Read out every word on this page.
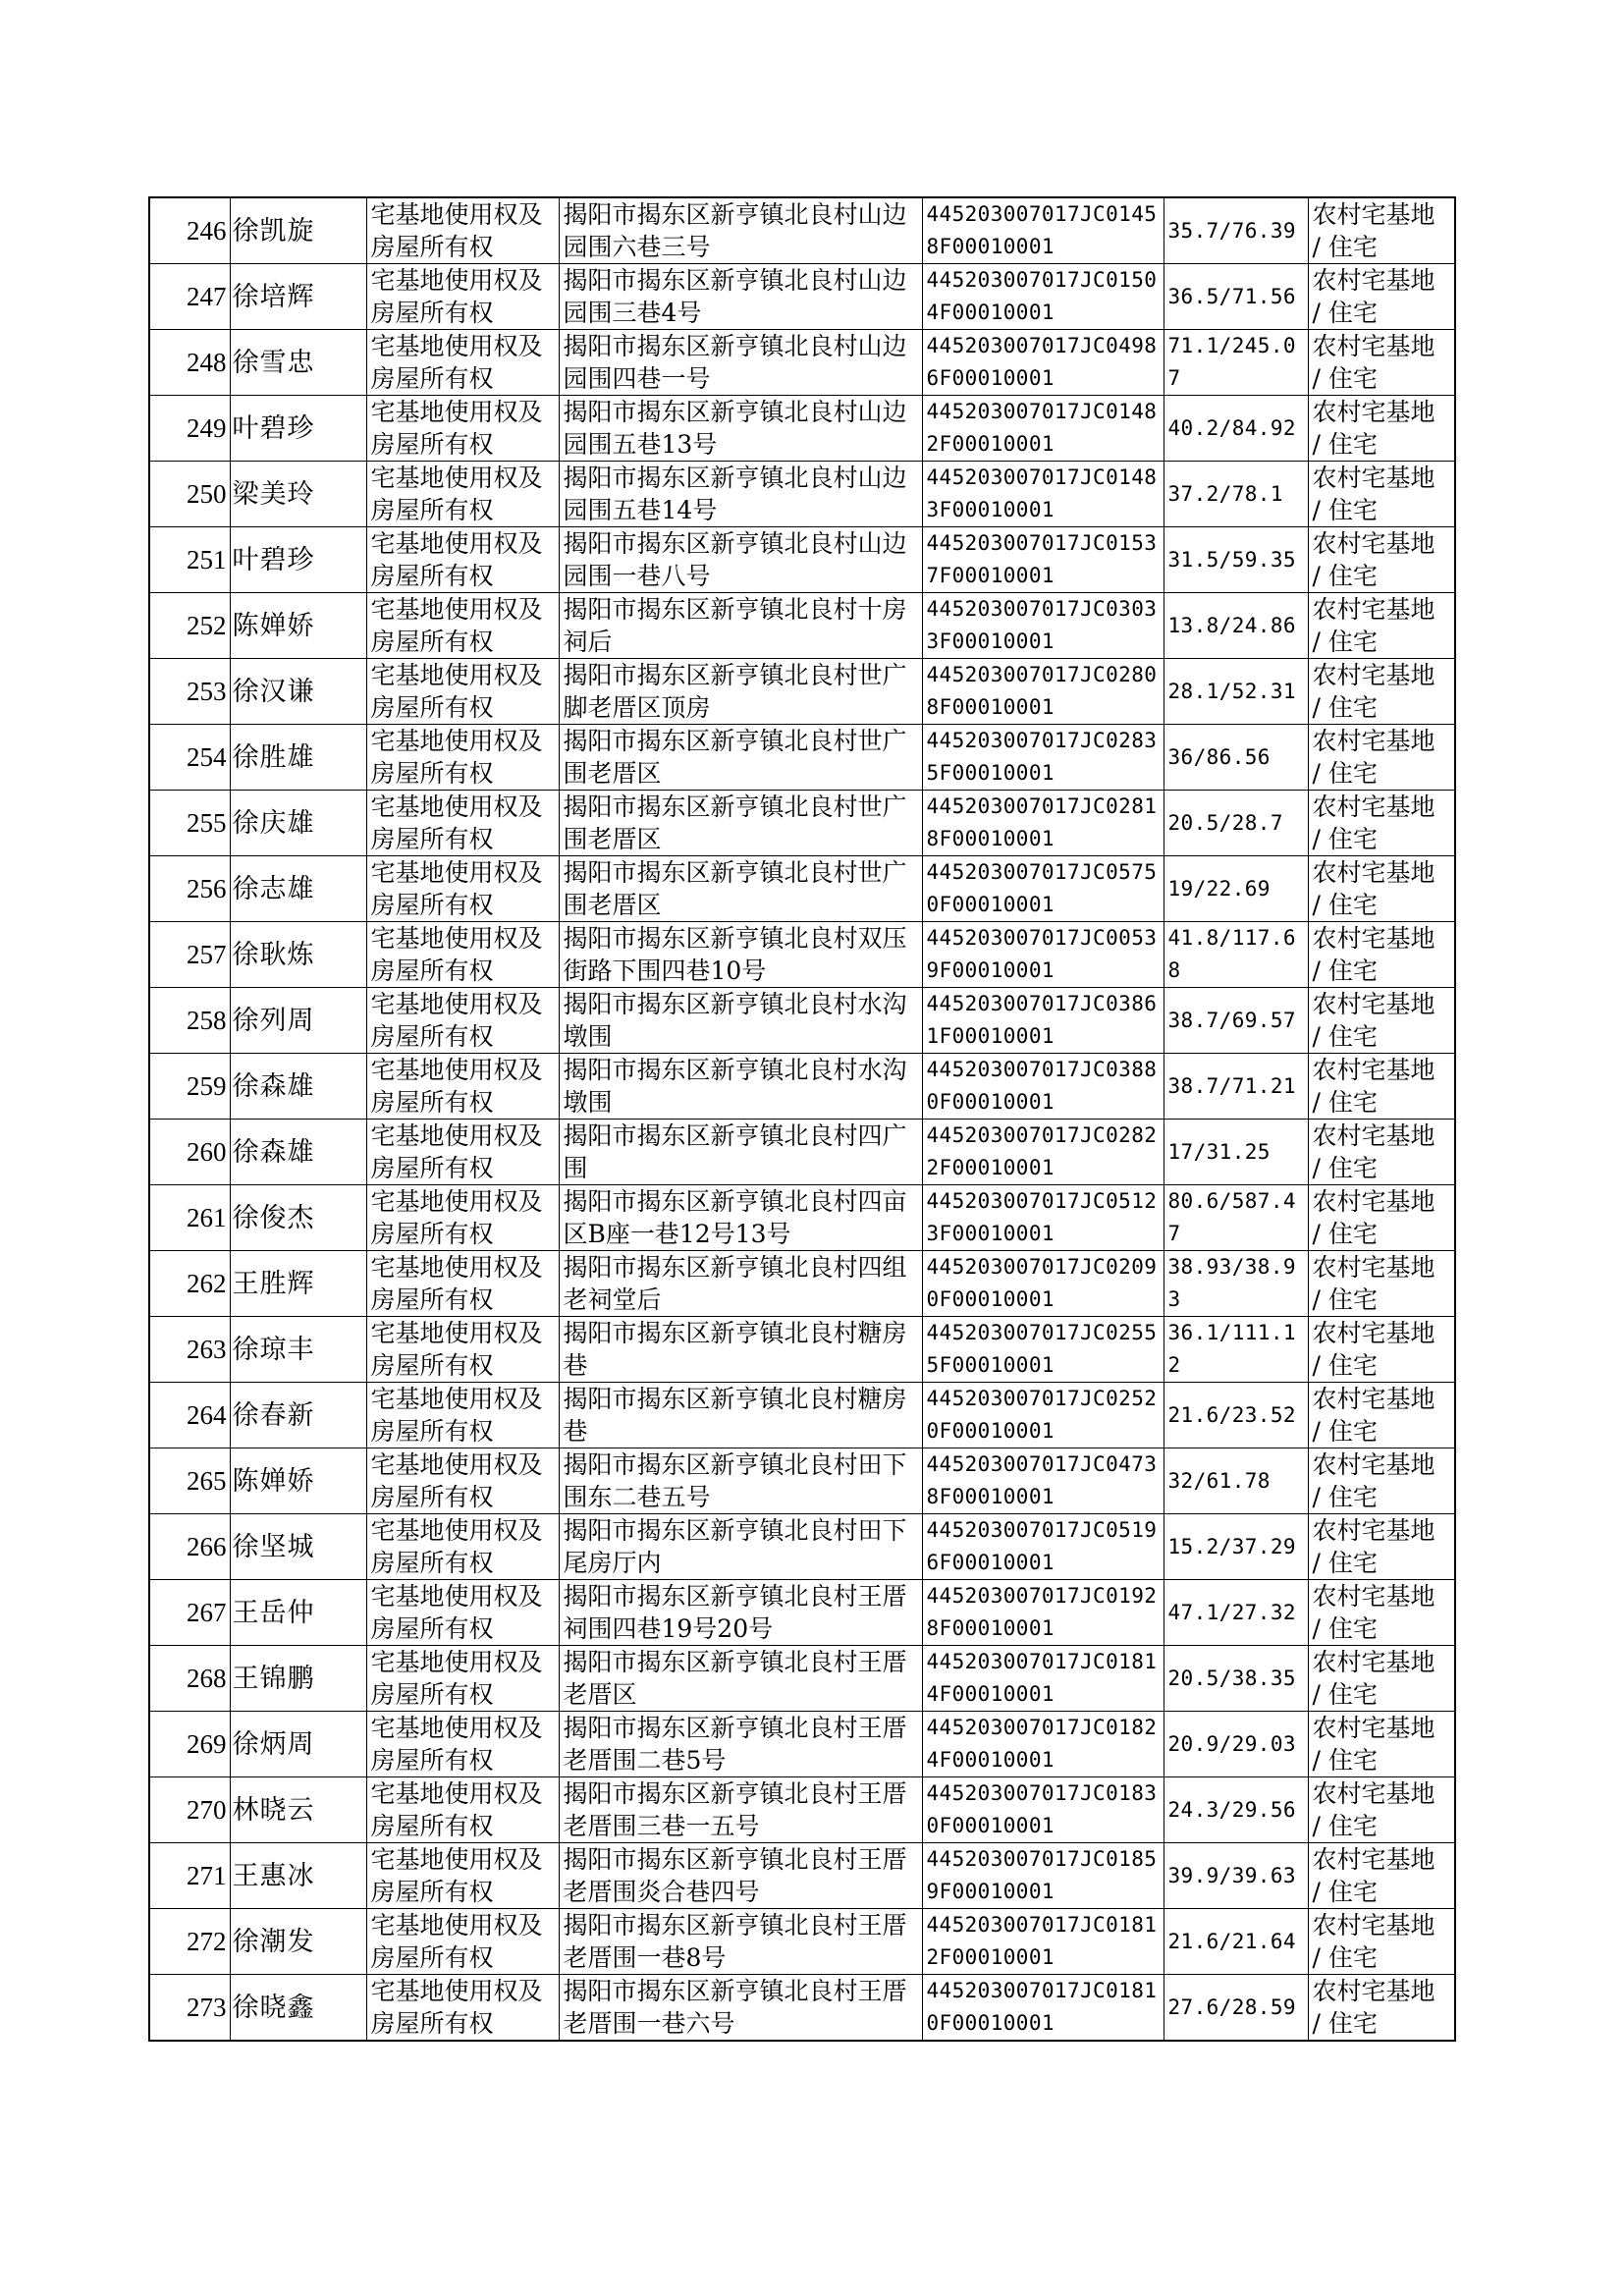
246	徐凯旋	宅基地使用权及房屋所有权	揭阳市揭东区新亨镇北良村山边园围六巷三号	445203007017JC01458F00010001	35.7/76.39	农村宅基地 / 住宅
247	徐培辉	宅基地使用权及房屋所有权	揭阳市揭东区新亨镇北良村山边园围三巷4号	445203007017JC01504F00010001	36.5/71.56	农村宅基地 / 住宅
248	徐雪忠	宅基地使用权及房屋所有权	揭阳市揭东区新亨镇北良村山边园围四巷一号	445203007017JC04986F00010001	71.1/245.07	农村宅基地 / 住宅
249	叶碧珍	宅基地使用权及房屋所有权	揭阳市揭东区新亨镇北良村山边园围五巷13号	445203007017JC01482F00010001	40.2/84.92	农村宅基地 / 住宅
250	梁美玲	宅基地使用权及房屋所有权	揭阳市揭东区新亨镇北良村山边园围五巷14号	445203007017JC01483F00010001	37.2/78.1	农村宅基地 / 住宅
251	叶碧珍	宅基地使用权及房屋所有权	揭阳市揭东区新亨镇北良村山边园围一巷八号	445203007017JC01537F00010001	31.5/59.35	农村宅基地 / 住宅
252	陈婵娇	宅基地使用权及房屋所有权	揭阳市揭东区新亨镇北良村十房祠后	445203007017JC03033F00010001	13.8/24.86	农村宅基地 / 住宅
253	徐汉谦	宅基地使用权及房屋所有权	揭阳市揭东区新亨镇北良村世广脚老厝区顶房	445203007017JC02808F00010001	28.1/52.31	农村宅基地 / 住宅
254	徐胜雄	宅基地使用权及房屋所有权	揭阳市揭东区新亨镇北良村世广围老厝区	445203007017JC02835F00010001	36/86.56	农村宅基地 / 住宅
255	徐庆雄	宅基地使用权及房屋所有权	揭阳市揭东区新亨镇北良村世广围老厝区	445203007017JC02818F00010001	20.5/28.7	农村宅基地 / 住宅
256	徐志雄	宅基地使用权及房屋所有权	揭阳市揭东区新亨镇北良村世广围老厝区	445203007017JC05750F00010001	19/22.69	农村宅基地 / 住宅
257	徐耿炼	宅基地使用权及房屋所有权	揭阳市揭东区新亨镇北良村双压街路下围四巷10号	445203007017JC00539F00010001	41.8/117.68	农村宅基地 / 住宅
258	徐列周	宅基地使用权及房屋所有权	揭阳市揭东区新亨镇北良村水沟墩围	445203007017JC03861F00010001	38.7/69.57	农村宅基地 / 住宅
259	徐森雄	宅基地使用权及房屋所有权	揭阳市揭东区新亨镇北良村水沟墩围	445203007017JC03880F00010001	38.7/71.21	农村宅基地 / 住宅
260	徐森雄	宅基地使用权及房屋所有权	揭阳市揭东区新亨镇北良村四广围	445203007017JC02822F00010001	17/31.25	农村宅基地 / 住宅
261	徐俊杰	宅基地使用权及房屋所有权	揭阳市揭东区新亨镇北良村四亩区B座一巷12号13号	445203007017JC05123F00010001	80.6/587.47	农村宅基地 / 住宅
262	王胜辉	宅基地使用权及房屋所有权	揭阳市揭东区新亨镇北良村四组老祠堂后	445203007017JC02090F00010001	38.93/38.93	农村宅基地 / 住宅
263	徐琼丰	宅基地使用权及房屋所有权	揭阳市揭东区新亨镇北良村糖房巷	445203007017JC02555F00010001	36.1/111.12	农村宅基地 / 住宅
264	徐春新	宅基地使用权及房屋所有权	揭阳市揭东区新亨镇北良村糖房巷	445203007017JC02520F00010001	21.6/23.52	农村宅基地 / 住宅
265	陈婵娇	宅基地使用权及房屋所有权	揭阳市揭东区新亨镇北良村田下围东二巷五号	445203007017JC04738F00010001	32/61.78	农村宅基地 / 住宅
266	徐坚城	宅基地使用权及房屋所有权	揭阳市揭东区新亨镇北良村田下尾房厅内	445203007017JC05196F00010001	15.2/37.29	农村宅基地 / 住宅
267	王岳仲	宅基地使用权及房屋所有权	揭阳市揭东区新亨镇北良村王厝祠围四巷19号20号	445203007017JC01928F00010001	47.1/27.32	农村宅基地 / 住宅
268	王锦鹏	宅基地使用权及房屋所有权	揭阳市揭东区新亨镇北良村王厝老厝区	445203007017JC01814F00010001	20.5/38.35	农村宅基地 / 住宅
269	徐炳周	宅基地使用权及房屋所有权	揭阳市揭东区新亨镇北良村王厝老厝围二巷5号	445203007017JC01824F00010001	20.9/29.03	农村宅基地 / 住宅
270	林晓云	宅基地使用权及房屋所有权	揭阳市揭东区新亨镇北良村王厝老厝围三巷一五号	445203007017JC01830F00010001	24.3/29.56	农村宅基地 / 住宅
271	王惠冰	宅基地使用权及房屋所有权	揭阳市揭东区新亨镇北良村王厝老厝围炎合巷四号	445203007017JC01859F00010001	39.9/39.63	农村宅基地 / 住宅
272	徐潮发	宅基地使用权及房屋所有权	揭阳市揭东区新亨镇北良村王厝老厝围一巷8号	445203007017JC01812F00010001	21.6/21.64	农村宅基地 / 住宅
273	徐晓鑫	宅基地使用权及房屋所有权	揭阳市揭东区新亨镇北良村王厝老厝围一巷六号	445203007017JC01810F00010001	27.6/28.59	农村宅基地 / 住宅
